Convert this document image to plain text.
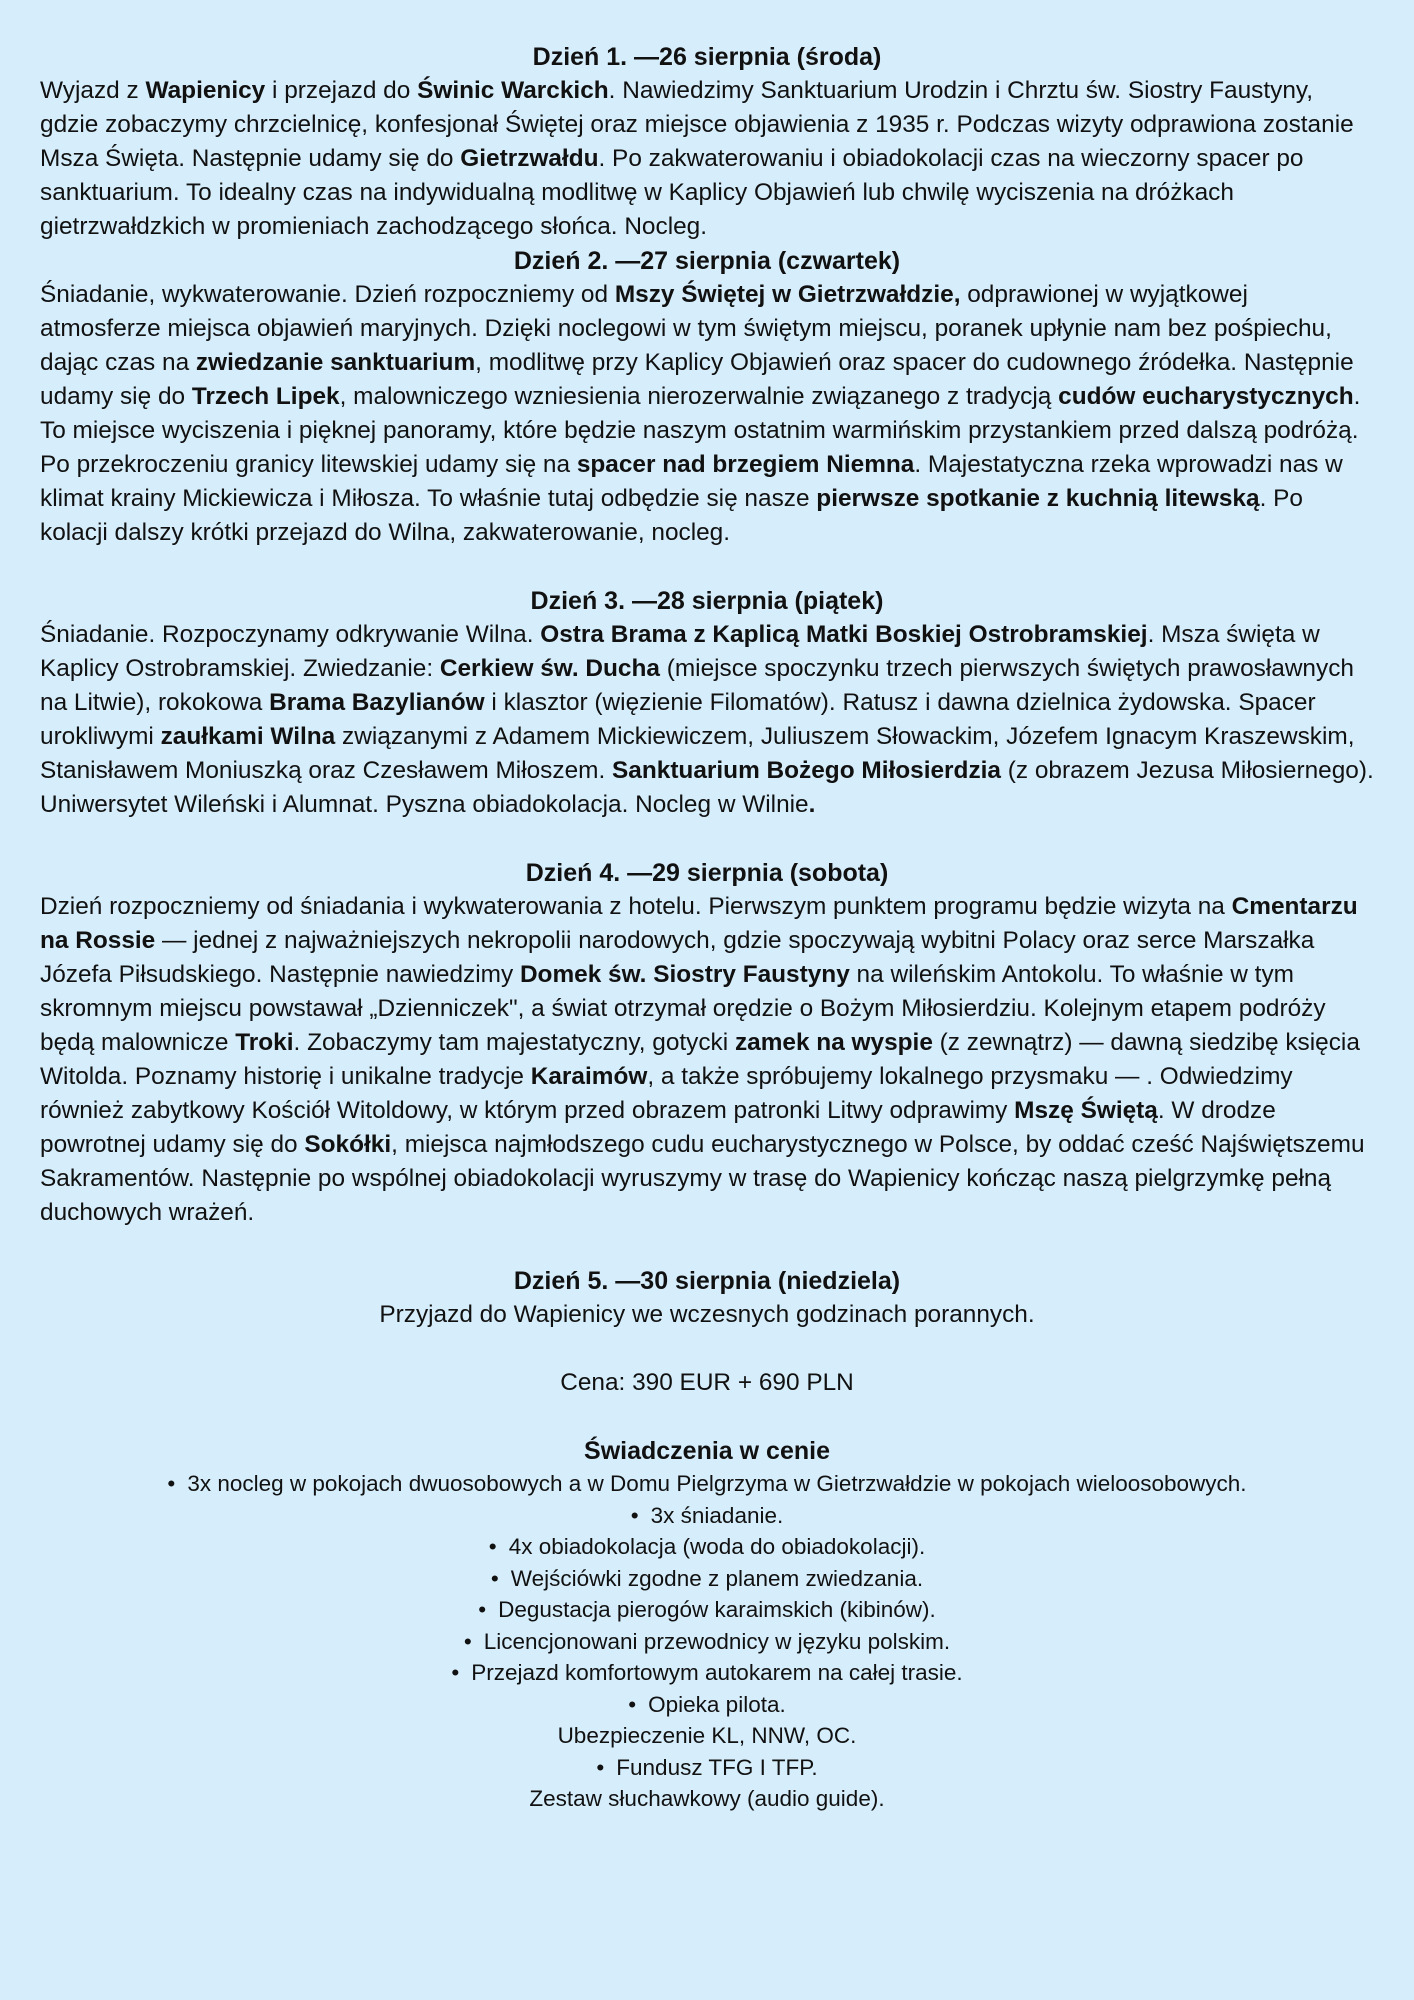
Dzień 1. —26 sierpnia (środa)

Wyjazd z Wapienicy i przejazd do Świnic Warckich. Nawiedzimy Sanktuarium Urodzin i Chrztu św. Siostry Faustyny, gdzie zobaczymy chrzcielnicę, konfesjonał Świętej oraz miejsce objawienia z 1935 r. Podczas wizyty odprawiona zostanie Msza Święta. Następnie udamy się do Gietrzwałdu. Po zakwaterowaniu i obiadokolacji czas na wieczorny spacer po sanktuarium. To idealny czas na indywidualną modlitwę w Kaplicy Objawień lub chwilę wyciszenia na dróżkach gietrzwałdzkich w promieniach zachodzącego słońca. Nocleg.

Dzień 2. —27 sierpnia (czwartek)

Śniadanie, wykwaterowanie. Dzień rozpoczniemy od Mszy Świętej w Gietrzwałdzie, odprawionej w wyjątkowej atmosferze miejsca objawień maryjnych. Dzięki noclegowi w tym świętym miejscu, poranek upłynie nam bez pośpiechu, dając czas na zwiedzanie sanktuarium, modlitwę przy Kaplicy Objawień oraz spacer do cudownego źródełka. Następnie udamy się do Trzech Lipek, malowniczego wzniesienia nierozerwalnie związanego z tradycją cudów eucharystycznych. To miejsce wyciszenia i pięknej panoramy, które będzie naszym ostatnim warmińskim przystankiem przed dalszą podróżą. Po przekroczeniu granicy litewskiej udamy się na spacer nad brzegiem Niemna. Majestatyczna rzeka wprowadzi nas w klimat krainy Mickiewicza i Miłosza. To właśnie tutaj odbędzie się nasze pierwsze spotkanie z kuchnią litewską. Po kolacji dalszy krótki przejazd do Wilna, zakwaterowanie, nocleg.

Dzień 3. —28 sierpnia (piątek)

Śniadanie. Rozpoczynamy odkrywanie Wilna. Ostra Brama z Kaplicą Matki Boskiej Ostrobramskiej. Msza święta w Kaplicy Ostrobramskiej. Zwiedzanie: Cerkiew św. Ducha (miejsce spoczynku trzech pierwszych świętych prawosławnych na Litwie), rokokowa Brama Bazylianów i klasztor (więzienie Filomatów). Ratusz i dawna dzielnica żydowska. Spacer urokliwymi zaułkami Wilna związanymi z Adamem Mickiewiczem, Juliuszem Słowackim, Józefem Ignacym Kraszewskim, Stanisławem Moniuszką oraz Czesławem Miłoszem. Sanktuarium Bożego Miłosierdzia (z obrazem Jezusa Miłosiernego). Uniwersytet Wileński i Alumnat. Pyszna obiadokolacja. Nocleg w Wilnie.

Dzień 4. —29 sierpnia (sobota)

Dzień rozpoczniemy od śniadania i wykwaterowania z hotelu. Pierwszym punktem programu będzie wizyta na Cmentarzu na Rossie — jednej z najważniejszych nekropolii narodowych, gdzie spoczywają wybitni Polacy oraz serce Marszałka Józefa Piłsudskiego. Następnie nawiedzimy Domek św. Siostry Faustyny na wileńskim Antokolu. To właśnie w tym skromnym miejscu powstawał „Dzienniczek", a świat otrzymał orędzie o Bożym Miłosierdziu. Kolejnym etapem podróży będą malownicze Troki. Zobaczymy tam majestatyczny, gotycki zamek na wyspie (z zewnątrz) — dawną siedzibę księcia Witolda. Poznamy historię i unikalne tradycje Karaimów, a także spróbujemy lokalnego przysmaku — . Odwiedzimy również zabytkowy Kościół Witoldowy, w którym przed obrazem patronki Litwy odprawimy Mszę Świętą. W drodze powrotnej udamy się do Sokółki, miejsca najmłodszego cudu eucharystycznego w Polsce, by oddać cześć Najświętszemu Sakramentów. Następnie po wspólnej obiadokolacji wyruszymy w trasę do Wapienicy kończąc naszą pielgrzymkę pełną duchowych wrażeń.

Dzień 5. —30 sierpnia (niedziela)

Przyjazd do Wapienicy we wczesnych godzinach porannych.

Cena: 390 EUR + 690 PLN

Świadczenia w cenie
• 3x nocleg w pokojach dwuosobowych a w Domu Pielgrzyma w Gietrzwałdzie w pokojach wieloosobowych.
• 3x śniadanie.
• 4x obiadokolacja (woda do obiadokolacji).
• Wejściówki zgodne z planem zwiedzania.
• Degustacja pierogów karaimskich (kibinów).
• Licencjonowani przewodnicy w języku polskim.
• Przejazd komfortowym autokarem na całej trasie.
• Opieka pilota.
Ubezpieczenie KL, NNW, OC.
• Fundusz TFG I TFP.
Zestaw słuchawkowy (audio guide).
